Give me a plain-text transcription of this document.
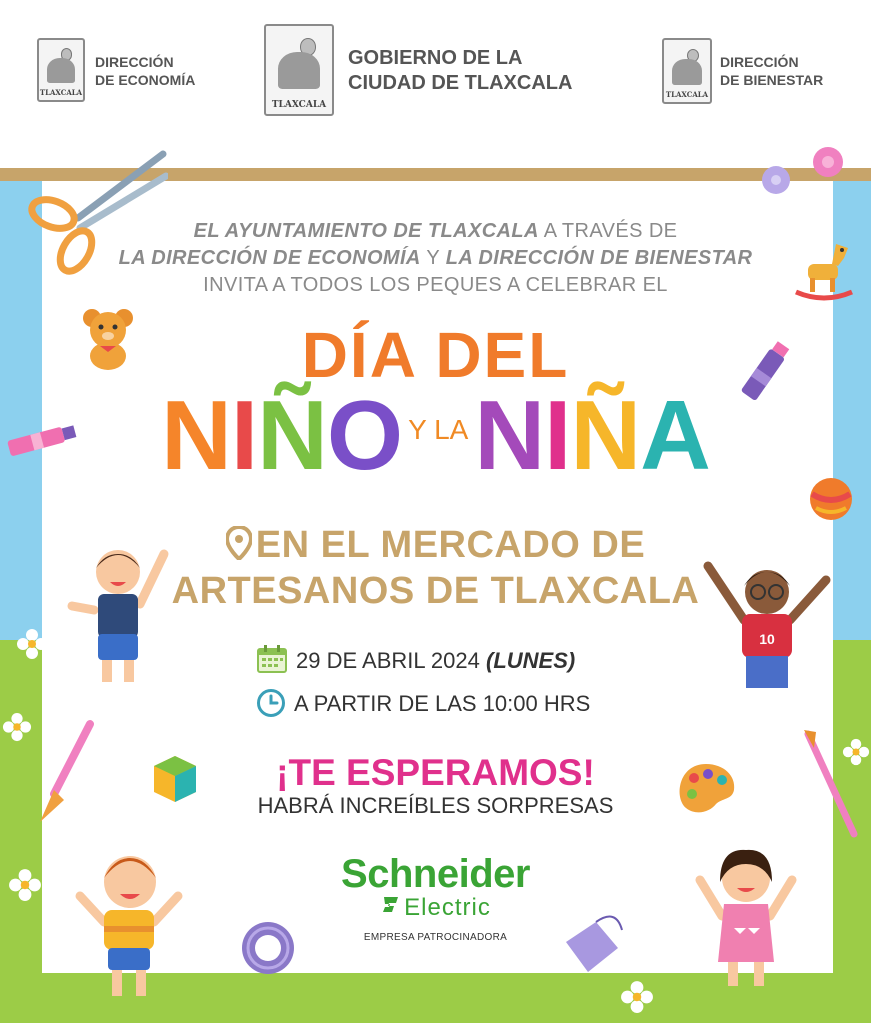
TLAXCALA
DIRECCIÓN
DE ECONOMÍA
TLAXCALA
GOBIERNO DE LA
CIUDAD DE TLAXCALA
TLAXCALA
DIRECCIÓN
DE BIENESTAR
EL AYUNTAMIENTO DE TLAXCALA A TRAVÉS DE
LA DIRECCIÓN DE ECONOMÍA Y LA DIRECCIÓN DE BIENESTAR
INVITA A TODOS LOS PEQUES A CELEBRAR EL
DÍA DEL
NIÑO Y LANIÑA
EN EL MERCADO DE
ARTESANOS DE TLAXCALA
29 DE ABRIL 2024 (LUNES)
A PARTIR DE LAS 10:00 HRS
¡TE ESPERAMOS!
HABRÁ INCREÍBLES SORPRESAS
Schneider
Electric
EMPRESA PATROCINADORA
10
